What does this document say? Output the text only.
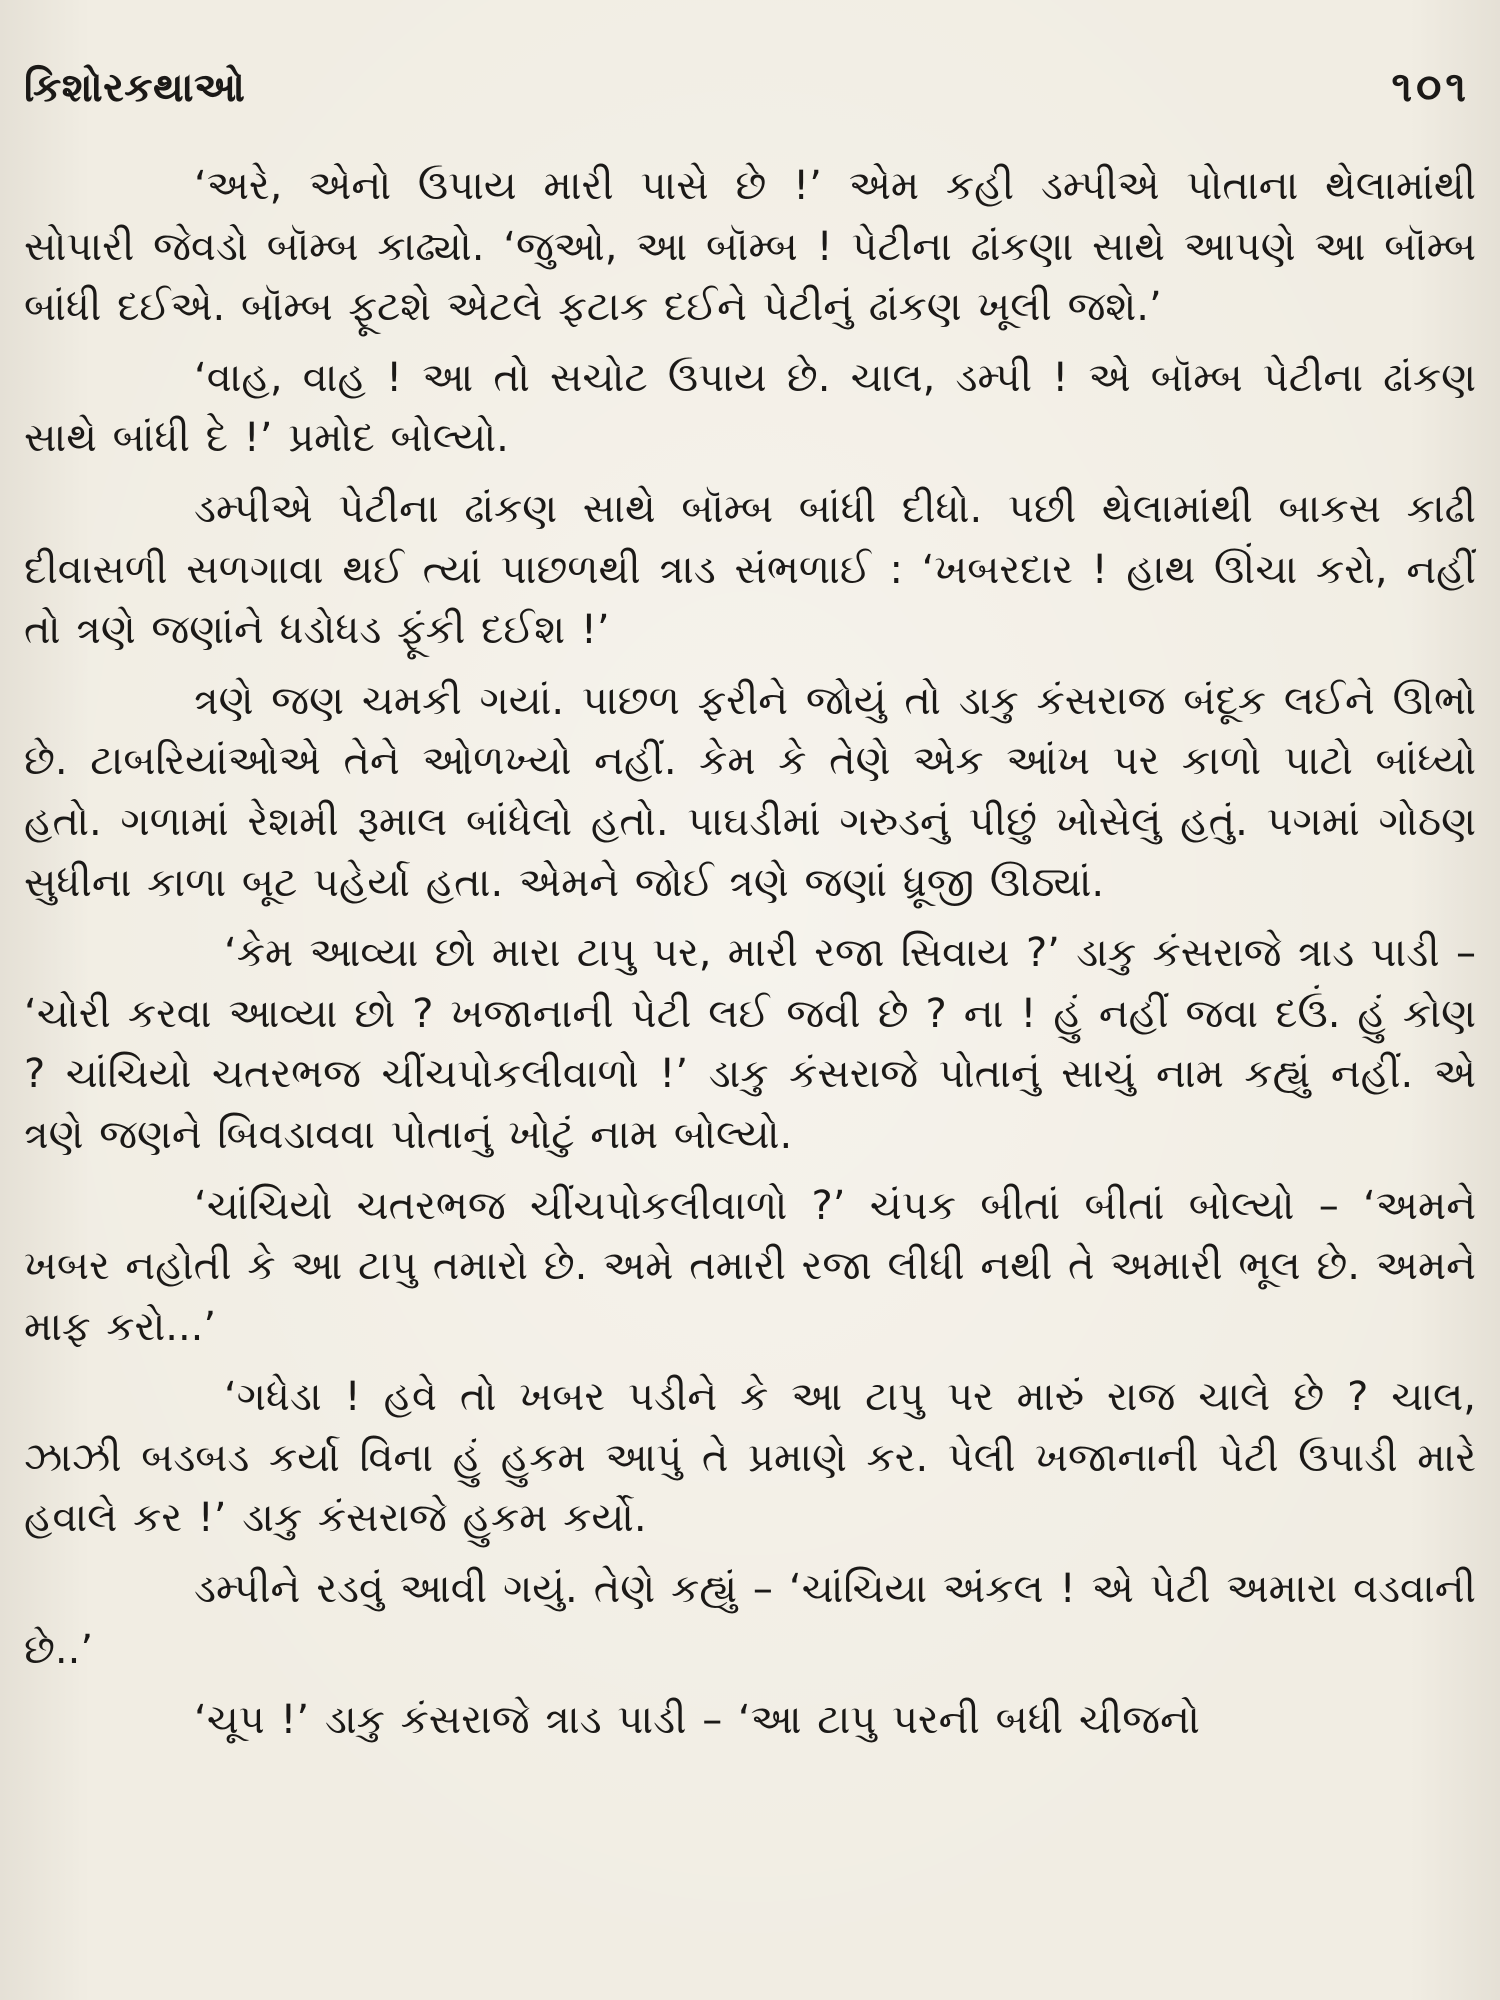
કિશોરકથાઓ	૧૦૧

‘અરે, એનો ઉપાય મારી પાસે છે !’ એમ કહી ડમ્પીએ પોતાના થેલામાંથી સોપારી જેવડો બૉમ્બ કાઢ્યો. ‘જુઓ, આ બૉમ્બ ! પેટીના ઢાંકણા સાથે આપણે આ બૉમ્બ બાંધી દઈએ. બૉમ્બ ફૂટશે એટલે ફટાક દઈને પેટીનું ઢાંકણ ખૂલી જશે.’

‘વાહ, વાહ ! આ તો સચોટ ઉપાય છે. ચાલ, ડમ્પી ! એ બૉમ્બ પેટીના ઢાંકણ સાથે બાંધી દે !’ પ્રમોદ બોલ્યો.

ડમ્પીએ પેટીના ઢાંકણ સાથે બૉમ્બ બાંધી દીધો. પછી થેલામાંથી બાકસ કાઢી દીવાસળી સળગાવા થઈ ત્યાં પાછળથી ત્રાડ સંભળાઈ : ‘ખબરદાર ! હાથ ઊંચા કરો, નહીં તો ત્રણે જણાંને ધડોધડ ફૂંકી દઈશ !’

ત્રણે જણ ચમકી ગયાં. પાછળ ફરીને જોયું તો ડાકુ કંસરાજ બંદૂક લઈને ઊભો છે. ટાબરિયાંઓએ તેને ઓળખ્યો નહીં. કેમ કે તેણે એક આંખ પર કાળો પાટો બાંધ્યો હતો. ગળામાં રેશમી રૂમાલ બાંધેલો હતો. પાઘડીમાં ગરુડનું પીછું ખોસેલું હતું. પગમાં ગોઠણ સુધીના કાળા બૂટ પહેર્યા હતા. એમને જોઈ ત્રણે જણાં ધ્રૂજી ઊઠ્યાં.

‘કેમ આવ્યા છો મારા ટાપુ પર, મારી રજા સિવાય ?’ ડાકુ કંસરાજે ત્રાડ પાડી – ‘ચોરી કરવા આવ્યા છો ? ખજાનાની પેટી લઈ જવી છે ? ના ! હું નહીં જવા દઉં. હું કોણ ? ચાંચિયો ચતરભજ ચીંચપોકલીવાળો !’ ડાકુ કંસરાજે પોતાનું સાચું નામ કહ્યું નહીં. એ ત્રણે જણને બિવડાવવા પોતાનું ખોટું નામ બોલ્યો.

‘ચાંચિયો ચતરભજ ચીંચપોકલીવાળો ?’ ચંપક બીતાં બીતાં બોલ્યો – ‘અમને ખબર નહોતી કે આ ટાપુ તમારો છે. અમે તમારી રજા લીધી નથી તે અમારી ભૂલ છે. અમને માફ કરો...’

‘ગધેડા ! હવે તો ખબર પડીને કે આ ટાપુ પર મારું રાજ ચાલે છે ? ચાલ, ઝાઝી બડબડ કર્યા વિના હું હુકમ આપું તે પ્રમાણે કર. પેલી ખજાનાની પેટી ઉપાડી મારે હવાલે કર !’ ડાકુ કંસરાજે હુકમ કર્યો.

ડમ્પીને રડવું આવી ગયું. તેણે કહ્યું – ‘ચાંચિયા અંકલ ! એ પેટી અમારા વડવાની છે..’

‘ચૂપ !’ ડાકુ કંસરાજે ત્રાડ પાડી – ‘આ ટાપુ પરની બધી ચીજનો
